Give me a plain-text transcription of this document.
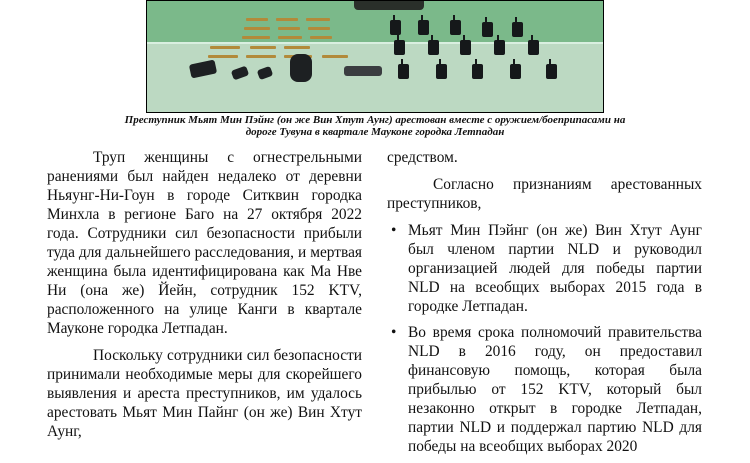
Преступник Мьят Мин Пэйнг (он же Вин Хтут Аунг) арестован вместе с оружием/боеприпасами на
дороге Тувуна в квартале Мауконе городка Летпадан

Труп женщины с огнестрельными ранениями был найден недалеко от деревни Ньяунг-Ни-Гоун в городе Ситквин городка Минхла в регионе Баго на 27 октября 2022 года. Сотрудники сил безопасности прибыли туда для дальнейшего расследования, и мертвая женщина была идентифицирована как Ма Нве Ни (она же) Йейн, сотрудник 152 KTV, расположенного на улице Канги в квартале Мауконе городка Летпадан.

Поскольку сотрудники сил безопасности принимали необходимые меры для скорейшего выявления и ареста преступников, им удалось арестовать Мьят Мин Пайнг (он же) Вин Хтут Аунг,

средством.

Согласно признаниям арестованных преступников,

• Мьят Мин Пэйнг (он же) Вин Хтут Аунг был членом партии NLD и руководил организацией людей для победы партии NLD на всеобщих выборах 2015 года в городке Летпадан.
• Во время срока полномочий правительства NLD в 2016 году, он предоставил финансовую помощь, которая была прибылью от 152 KTV, который был незаконно открыт в городке Летпадан, партии NLD и поддержал партию NLD для победы на всеобщих выборах 2020
